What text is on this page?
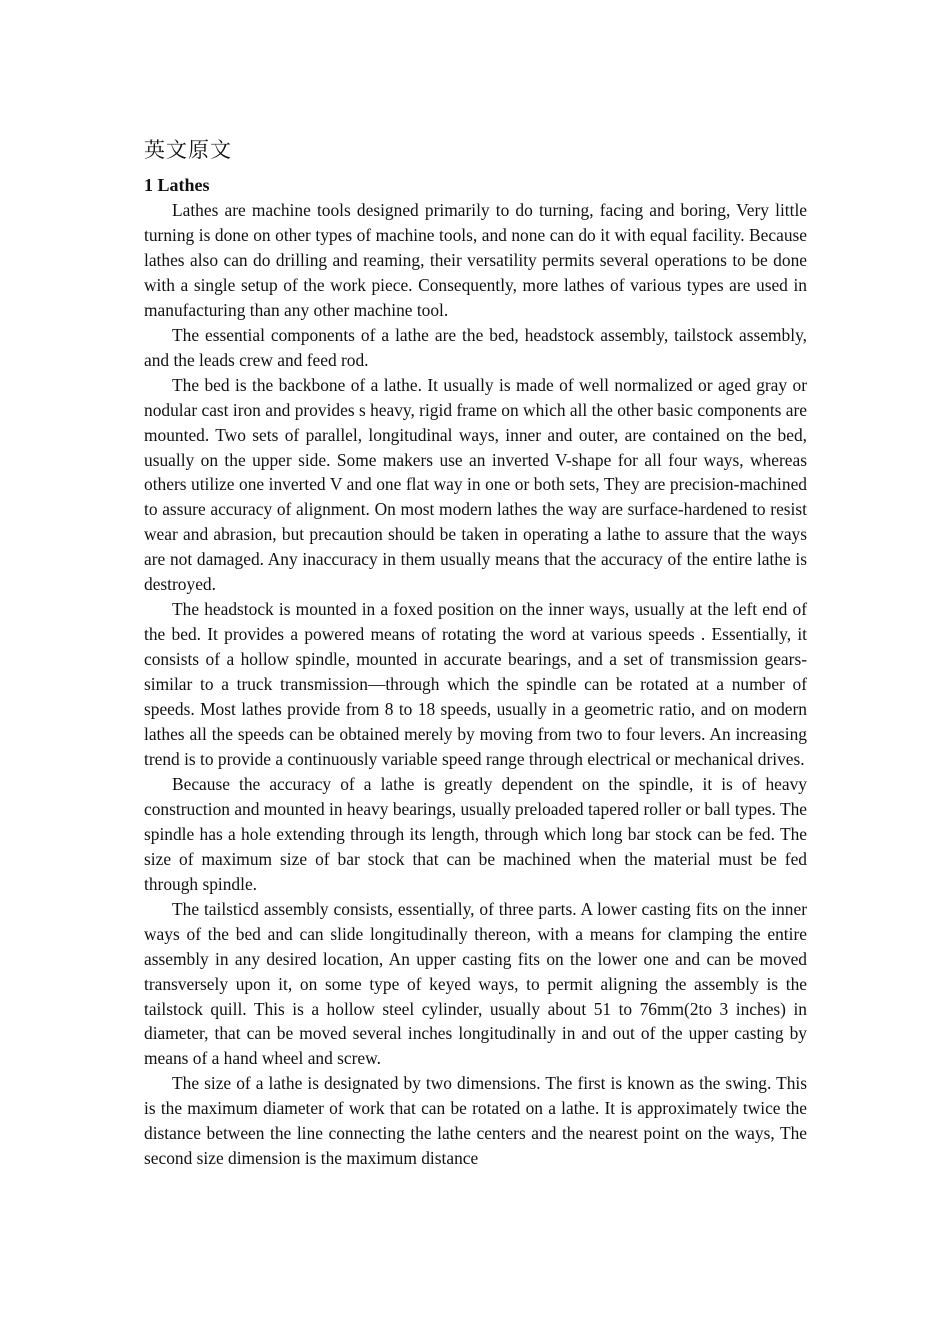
英文原文
1 Lathes

Lathes are machine tools designed primarily to do turning, facing and boring, Very little turning is done on other types of machine tools, and none can do it with equal facility. Because lathes also can do drilling and reaming, their versatility permits several operations to be done with a single setup of the work piece. Consequently, more lathes of various types are used in manufacturing than any other machine tool.

The essential components of a lathe are the bed, headstock assembly, tailstock assembly, and the leads crew and feed rod.

The bed is the backbone of a lathe. It usually is made of well normalized or aged gray or nodular cast iron and provides s heavy, rigid frame on which all the other basic components are mounted. Two sets of parallel, longitudinal ways, inner and outer, are contained on the bed, usually on the upper side. Some makers use an inverted V-shape for all four ways, whereas others utilize one inverted V and one flat way in one or both sets, They are precision-machined to assure accuracy of alignment. On most modern lathes the way are surface-hardened to resist wear and abrasion, but precaution should be taken in operating a lathe to assure that the ways are not damaged. Any inaccuracy in them usually means that the accuracy of the entire lathe is destroyed.

The headstock is mounted in a foxed position on the inner ways, usually at the left end of the bed. It provides a powered means of rotating the word at various speeds . Essentially, it consists of a hollow spindle, mounted in accurate bearings, and a set of transmission gears-similar to a truck transmission—through which the spindle can be rotated at a number of speeds. Most lathes provide from 8 to 18 speeds, usually in a geometric ratio, and on modern lathes all the speeds can be obtained merely by moving from two to four levers. An increasing trend is to provide a continuously variable speed range through electrical or mechanical drives.

Because the accuracy of a lathe is greatly dependent on the spindle, it is of heavy construction and mounted in heavy bearings, usually preloaded tapered roller or ball types. The spindle has a hole extending through its length, through which long bar stock can be fed. The size of maximum size of bar stock that can be machined when the material must be fed through spindle.

The tailsticd assembly consists, essentially, of three parts. A lower casting fits on the inner ways of the bed and can slide longitudinally thereon, with a means for clamping the entire assembly in any desired location, An upper casting fits on the lower one and can be moved transversely upon it, on some type of keyed ways, to permit aligning the assembly is the tailstock quill. This is a hollow steel cylinder, usually about 51 to 76mm(2to 3 inches) in diameter, that can be moved several inches longitudinally in and out of the upper casting by means of a hand wheel and screw.

The size of a lathe is designated by two dimensions. The first is known as the swing. This is the maximum diameter of work that can be rotated on a lathe. It is approximately twice the distance between the line connecting the lathe centers and the nearest point on the ways, The second size dimension is the maximum distance
